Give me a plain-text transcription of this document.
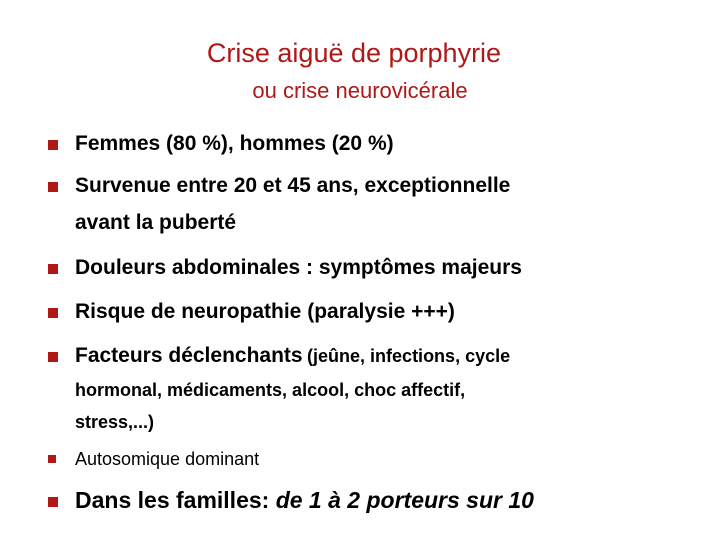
Crise aiguë de porphyrie
ou crise neurovicérale
Femmes (80 %), hommes (20 %)
Survenue entre 20 et 45 ans, exceptionnelle
avant la puberté
Douleurs abdominales : symptômes majeurs
Risque de neuropathie (paralysie +++)
Facteurs déclenchants (jeûne, infections, cycle
hormonal, médicaments, alcool, choc affectif,
stress,...)
Autosomique dominant
Dans les familles: de 1 à 2 porteurs sur 10
